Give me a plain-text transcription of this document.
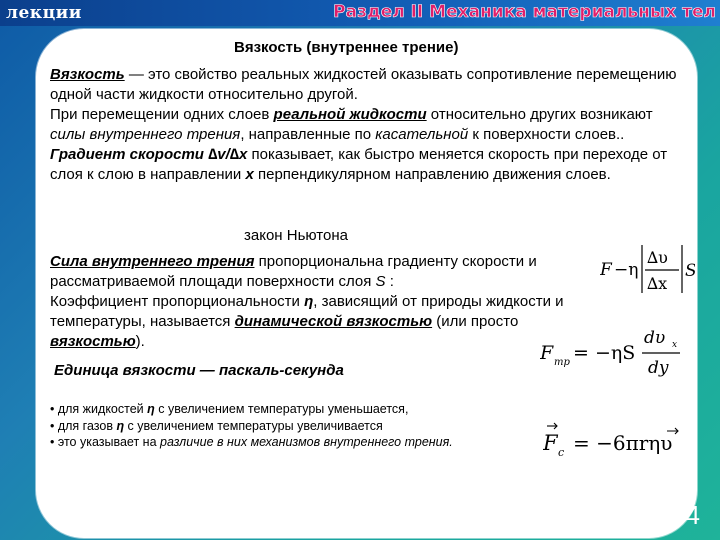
лекции	Раздел II Механика материальных тел
Вязкость (внутреннее трение)
Вязкость — это свойство реальных жидкостей оказывать сопротивление перемещению одной части жидкости относительно другой.
При перемещении одних слоев реальной жидкости относительно других возникают силы внутреннего трения, направленные по касательной к поверхности слоев.. Градиент скорости ∆v/∆x показывает, как быстро меняется скорость при переходе от слоя к слою в направлении x перпендикулярном направлению движения слоев.
закон Ньютона
Сила внутреннего трения пропорциональна градиенту скорости и рассматриваемой площади поверхности слоя S :
Коэффициент пропорциональности η, зависящий от природы жидкости и температуры, называется динамической вязкостью (или просто вязкостью).
Единица вязкости — паскаль-секунда
• для жидкостей η с увеличением температуры уменьшается,
• для газов η с увеличением температуры увеличивается
• это указывает на различие в них механизмов внутреннего трения.
F −η
∆υ
∆x
S
F тр = −ηS
dυ x
dy
F c = −6πrηυ
34
